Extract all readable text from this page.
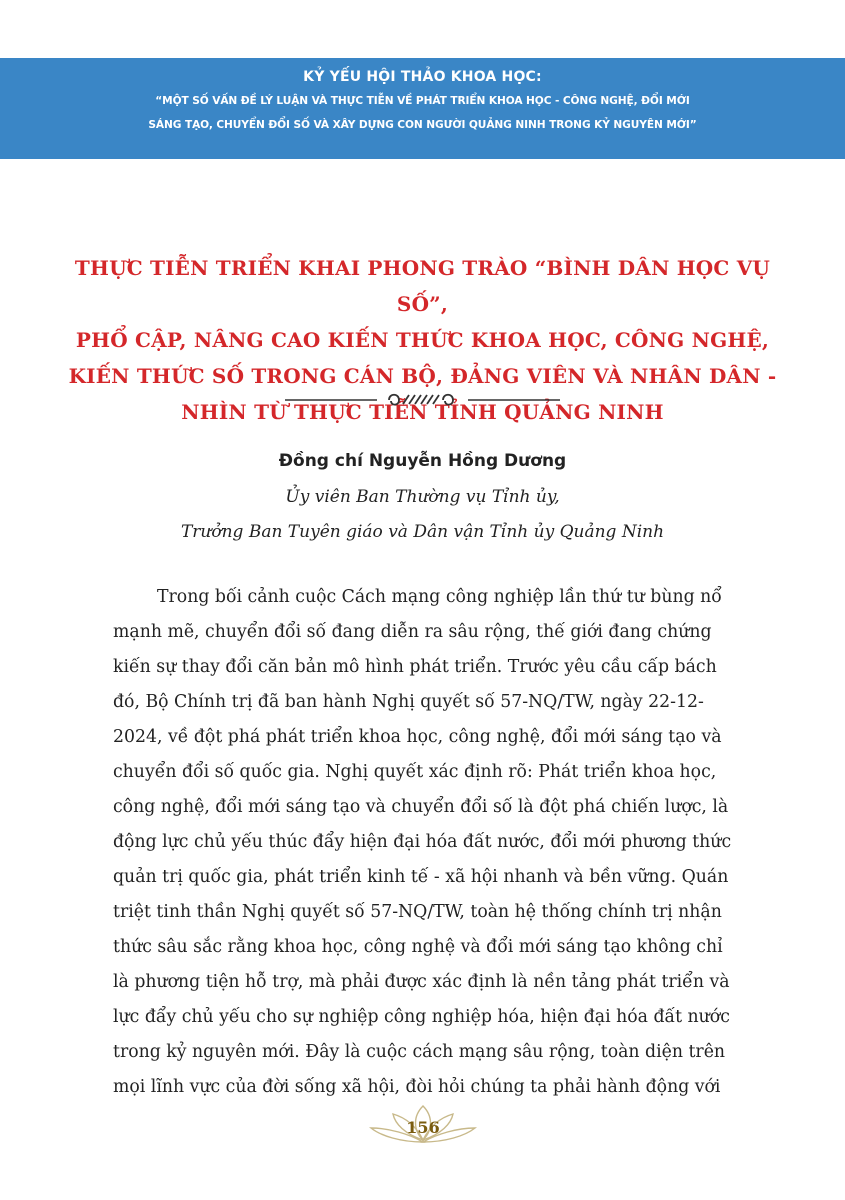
KỶ YẾU HỘI THẢO KHOA HỌC:
“MỘT SỐ VẤN ĐỀ LÝ LUẬN VÀ THỰC TIỄN VỀ PHÁT TRIỂN KHOA HỌC - CÔNG NGHỆ, ĐỔI MỚI
SÁNG TẠO, CHUYỂN ĐỔI SỐ VÀ XÂY DỰNG CON NGƯỜI QUẢNG NINH TRONG KỶ NGUYÊN MỚI”
THỰC TIỄN TRIỂN KHAI PHONG TRÀO “BÌNH DÂN HỌC VỤ SỐ”,
PHỔ CẬP, NÂNG CAO KIẾN THỨC KHOA HỌC, CÔNG NGHỆ,
KIẾN THỨC SỐ TRONG CÁN BỘ, ĐẢNG VIÊN VÀ NHÂN DÂN -
NHÌN TỪ THỰC TIỄN TỈNH QUẢNG NINH
Đồng chí Nguyễn Hồng Dương
Ủy viên Ban Thường vụ Tỉnh ủy,
Trưởng Ban Tuyên giáo và Dân vận Tỉnh ủy Quảng Ninh
Trong bối cảnh cuộc Cách mạng công nghiệp lần thứ tư bùng nổ
mạnh mẽ, chuyển đổi số đang diễn ra sâu rộng, thế giới đang chứng
kiến sự thay đổi căn bản mô hình phát triển. Trước yêu cầu cấp bách
đó, Bộ Chính trị đã ban hành Nghị quyết số 57-NQ/TW, ngày 22-12-
2024, về đột phá phát triển khoa học, công nghệ, đổi mới sáng tạo và
chuyển đổi số quốc gia. Nghị quyết xác định rõ: Phát triển khoa học,
công nghệ, đổi mới sáng tạo và chuyển đổi số là đột phá chiến lược, là
động lực chủ yếu thúc đẩy hiện đại hóa đất nước, đổi mới phương thức
quản trị quốc gia, phát triển kinh tế - xã hội nhanh và bền vững. Quán
triệt tinh thần Nghị quyết số 57-NQ/TW, toàn hệ thống chính trị nhận
thức sâu sắc rằng khoa học, công nghệ và đổi mới sáng tạo không chỉ
là phương tiện hỗ trợ, mà phải được xác định là nền tảng phát triển và
lực đẩy chủ yếu cho sự nghiệp công nghiệp hóa, hiện đại hóa đất nước
trong kỷ nguyên mới. Đây là cuộc cách mạng sâu rộng, toàn diện trên
mọi lĩnh vực của đời sống xã hội, đòi hỏi chúng ta phải hành động với
156
